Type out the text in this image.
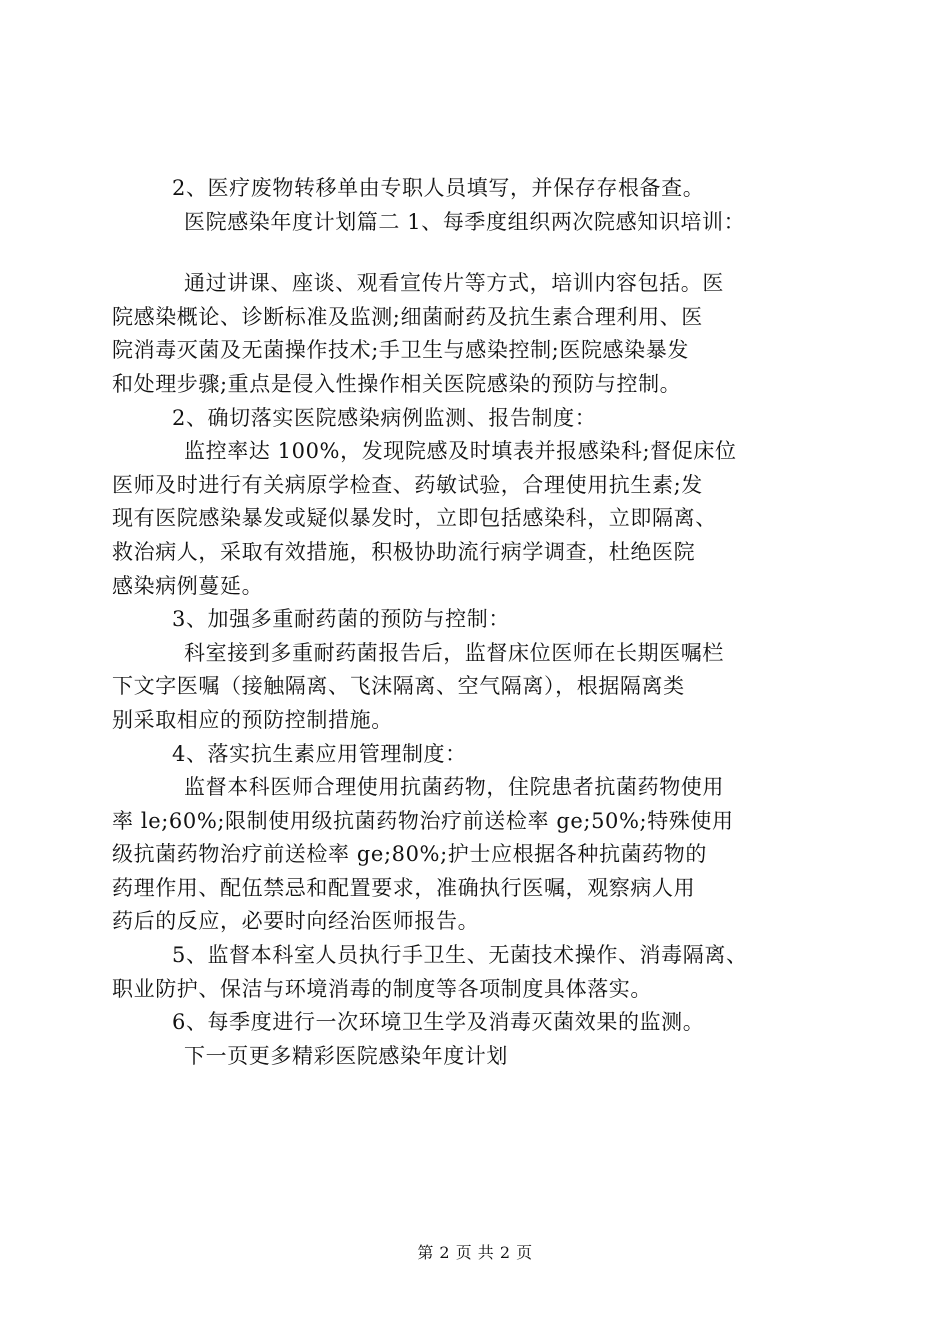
2、医疗废物转移单由专职人员填写，并保存存根备查。
医院感染年度计划篇二 1、每季度组织两次院感知识培训：
通过讲课、座谈、观看宣传片等方式，培训内容包括。医
院感染概论、诊断标准及监测;细菌耐药及抗生素合理利用、医
院消毒灭菌及无菌操作技术;手卫生与感染控制;医院感染暴发
和处理步骤;重点是侵入性操作相关医院感染的预防与控制。
2、确切落实医院感染病例监测、报告制度：
监控率达 100%，发现院感及时填表并报感染科;督促床位
医师及时进行有关病原学检查、药敏试验，合理使用抗生素;发
现有医院感染暴发或疑似暴发时，立即包括感染科，立即隔离、
救治病人，采取有效措施，积极协助流行病学调查，杜绝医院
感染病例蔓延。
3、加强多重耐药菌的预防与控制：
科室接到多重耐药菌报告后，监督床位医师在长期医嘱栏
下文字医嘱（接触隔离、飞沫隔离、空气隔离），根据隔离类
别采取相应的预防控制措施。
4、落实抗生素应用管理制度：
监督本科医师合理使用抗菌药物，住院患者抗菌药物使用
率 le;60%;限制使用级抗菌药物治疗前送检率 ge;50%;特殊使用
级抗菌药物治疗前送检率 ge;80%;护士应根据各种抗菌药物的
药理作用、配伍禁忌和配置要求，准确执行医嘱，观察病人用
药后的反应，必要时向经治医师报告。
5、监督本科室人员执行手卫生、无菌技术操作、消毒隔离、
职业防护、保洁与环境消毒的制度等各项制度具体落实。
6、每季度进行一次环境卫生学及消毒灭菌效果的监测。
下一页更多精彩医院感染年度计划
第 2 页 共 2 页
